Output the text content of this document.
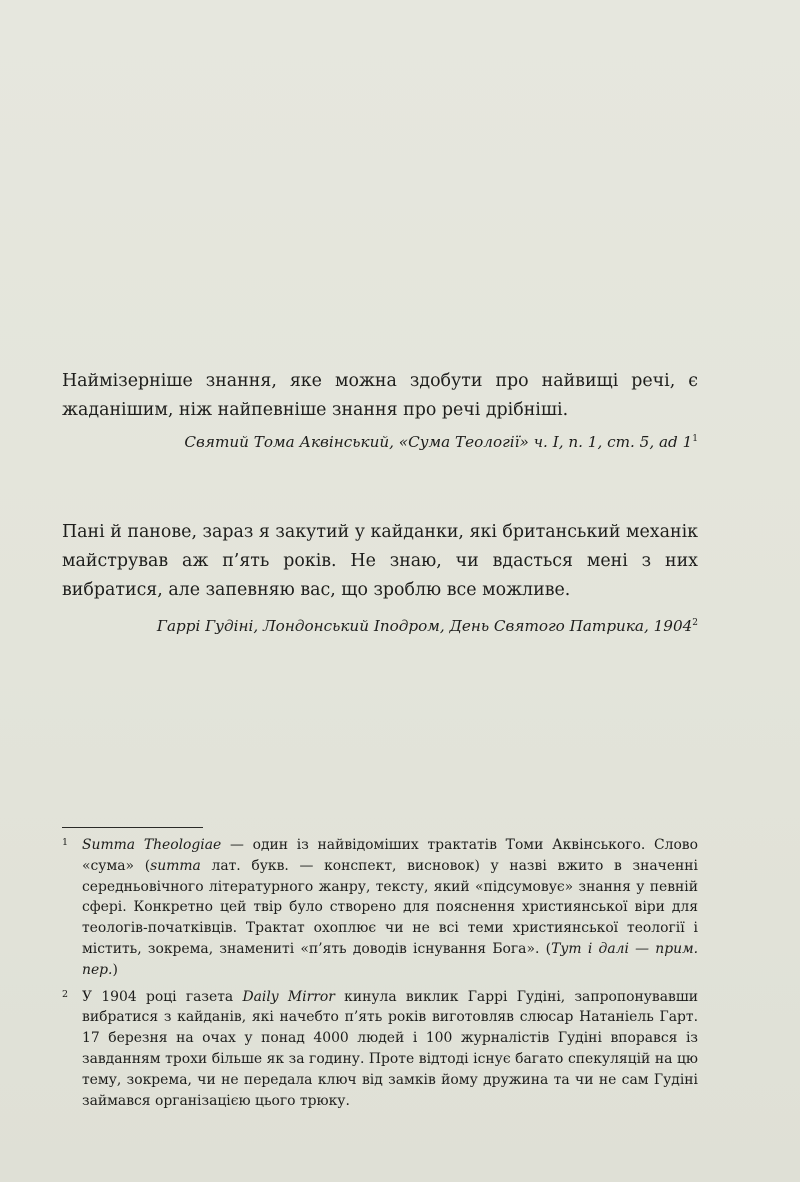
Наймізерніше знання, яке можна здобути про найвищі речі, є жаданішим, ніж найпевніше знання про речі дрібніші.

Святий Тома Аквінський, «Сума Теології» ч. І, п. 1, ст. 5, ad 1$^1$

Пані й панове, зараз я закутий у кайданки, які британський механік майстрував аж п’ять років. Не знаю, чи вдасться мені з них вибратися, але запевняю вас, що зроблю все можливе.

Гаррі Гудіні, Лондонський Іподром, День Святого Патрика, 1904$^2$

1 Summa Theologiae — один із найвідоміших трактатів Томи Аквінського. Слово «сума» (summa лат. букв. — конспект, висновок) у назві вжито в значенні середньовічного літературного жанру, тексту, який «підсумовує» знання у певній сфері. Конкретно цей твір було створено для пояснення християнської віри для теологів-початківців. Трактат охоплює чи не всі теми християнської теології і містить, зокрема, знамениті «п’ять доводів існування Бога». (Тут і далі — прим. пер.)

2 У 1904 році газета Daily Mirror кинула виклик Гаррі Гудіні, запропонувавши вибратися з кайданів, які начебто п’ять років виготовляв слюсар Натаніель Гарт. 17 березня на очах у понад 4000 людей і 100 журналістів Гудіні впорався із завданням трохи більше як за годину. Проте відтоді існує багато спекуляцій на цю тему, зокрема, чи не передала ключ від замків йому дружина та чи не сам Гудіні займався організацією цього трюку.
